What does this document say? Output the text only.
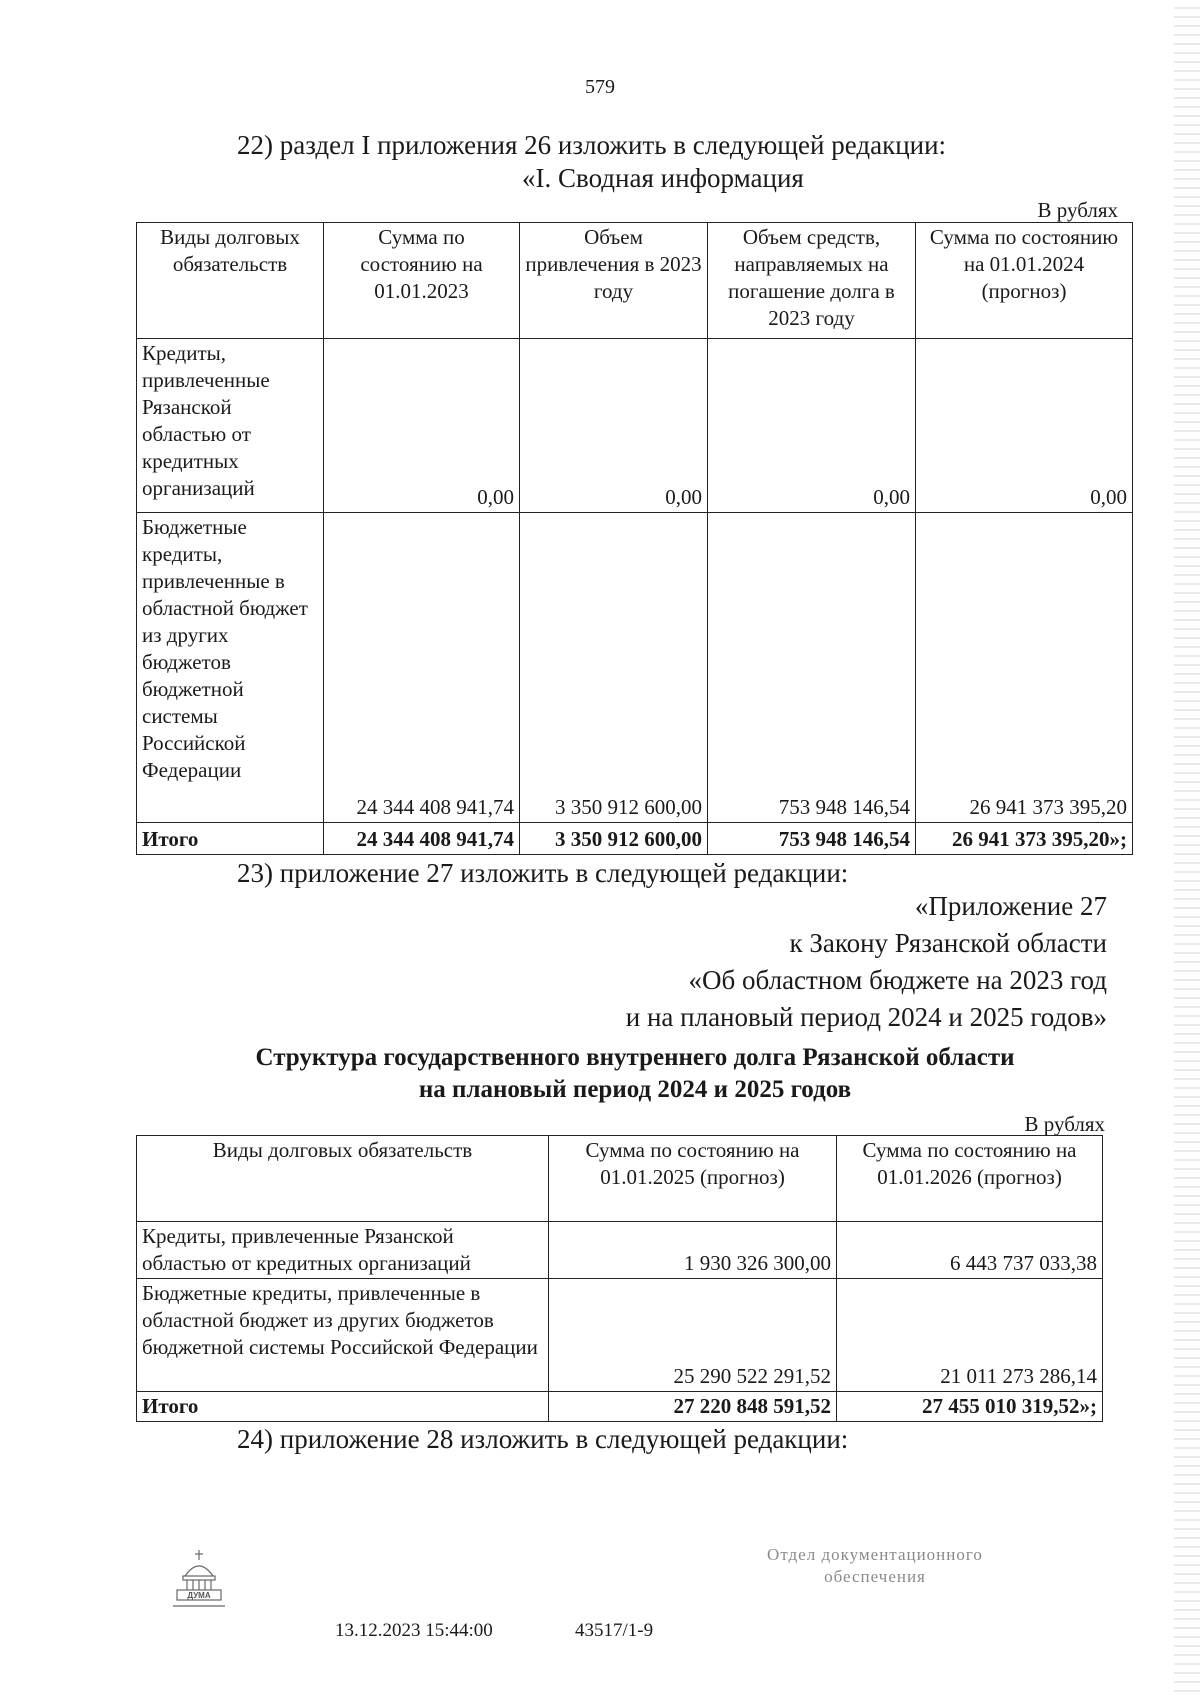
579
22) раздел I приложения 26 изложить в следующей редакции:
«I. Сводная информация
В рублях
Виды долговых обязательств	Сумма по состоянию на 01.01.2023	Объем привлечения в 2023 году	Объем средств, направляемых на погашение долга в 2023 году	Сумма по состоянию на 01.01.2024 (прогноз)
Кредиты, привлеченные Рязанской областью от кредитных организаций	0,00	0,00	0,00	0,00
Бюджетные кредиты, привлеченные в областной бюджет из других бюджетов бюджетной системы Российской Федерации	24 344 408 941,74	3 350 912 600,00	753 948 146,54	26 941 373 395,20
Итого	24 344 408 941,74	3 350 912 600,00	753 948 146,54	26 941 373 395,20»;
23) приложение 27 изложить в следующей редакции:
«Приложение 27
к Закону Рязанской области
«Об областном бюджете на 2023 год
и на плановый период 2024 и 2025 годов»
Структура государственного внутреннего долга Рязанской области
на плановый период 2024 и 2025 годов
В рублях
Виды долговых обязательств	Сумма по состоянию на 01.01.2025 (прогноз)	Сумма по состоянию на 01.01.2026 (прогноз)
Кредиты, привлеченные Рязанской областью от кредитных организаций	1 930 326 300,00	6 443 737 033,38
Бюджетные кредиты, привлеченные в областной бюджет из других бюджетов бюджетной системы Российской Федерации	25 290 522 291,52	21 011 273 286,14
Итого	27 220 848 591,52	27 455 010 319,52»;
24) приложение 28 изложить в следующей редакции:
ДУМА
13.12.2023 15:44:00	43517/1-9
Отдел документационного
обеспечения
